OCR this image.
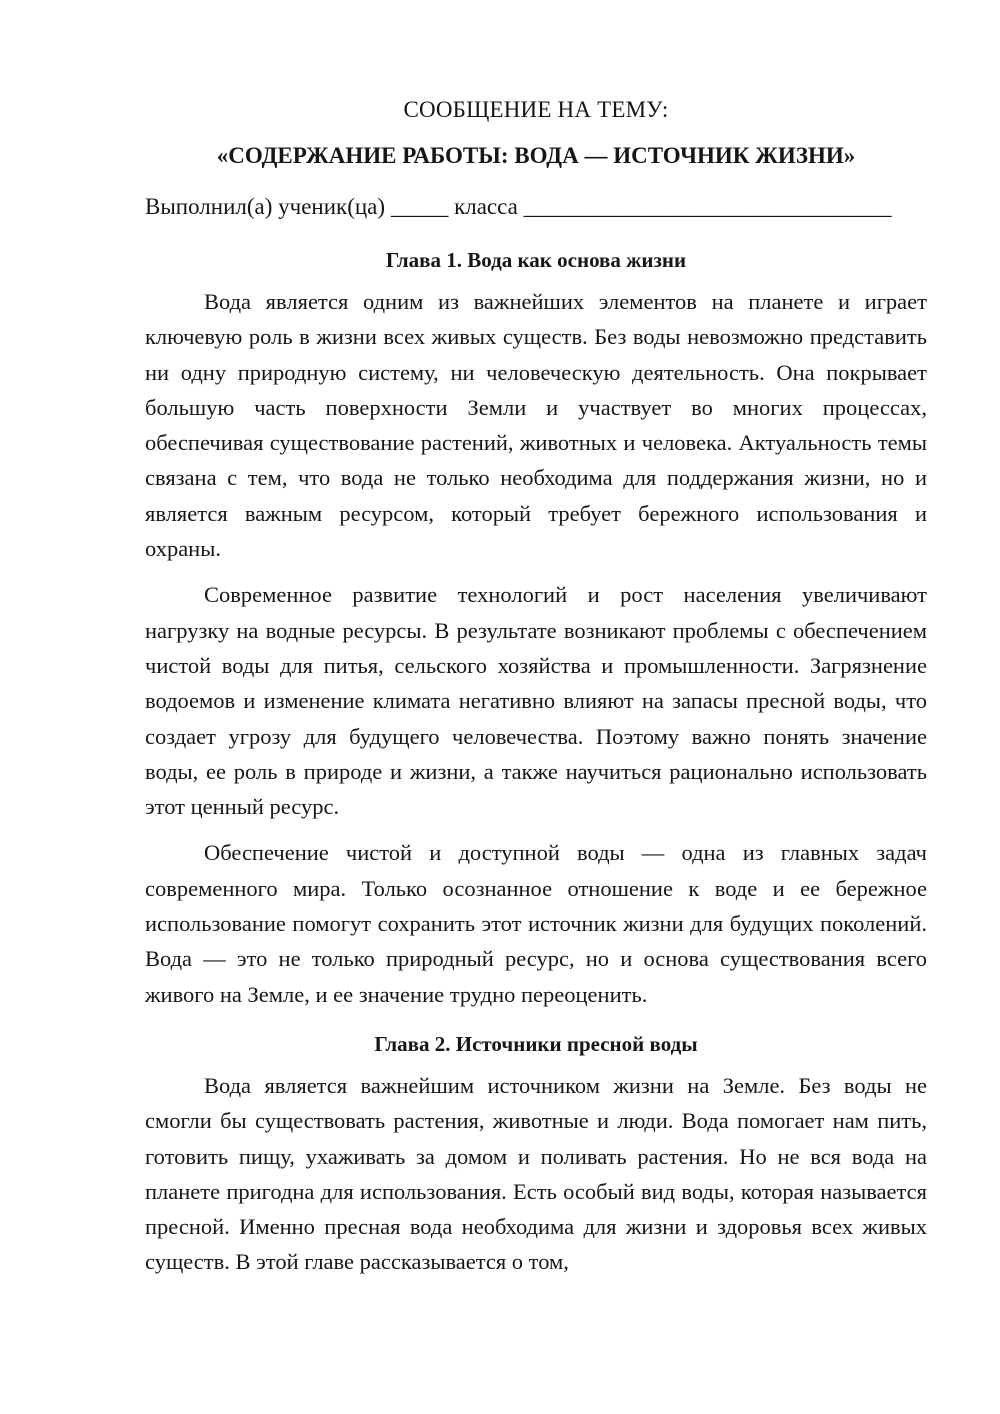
СООБЩЕНИЕ НА ТЕМУ:
«СОДЕРЖАНИЕ РАБОТЫ: ВОДА — ИСТОЧНИК ЖИЗНИ»
Выполнил(а) ученик(ца) _____ класса ________________________________
Глава 1. Вода как основа жизни

Вода является одним из важнейших элементов на планете и играет ключевую роль в жизни всех живых существ. Без воды невозможно представить ни одну природную систему, ни человеческую деятельность. Она покрывает большую часть поверхности Земли и участвует во многих процессах, обеспечивая существование растений, животных и человека. Актуальность темы связана с тем, что вода не только необходима для поддержания жизни, но и является важным ресурсом, который требует бережного использования и охраны.

Современное развитие технологий и рост населения увеличивают нагрузку на водные ресурсы. В результате возникают проблемы с обеспечением чистой воды для питья, сельского хозяйства и промышленности. Загрязнение водоемов и изменение климата негативно влияют на запасы пресной воды, что создает угрозу для будущего человечества. Поэтому важно понять значение воды, ее роль в природе и жизни, а также научиться рационально использовать этот ценный ресурс.

Обеспечение чистой и доступной воды — одна из главных задач современного мира. Только осознанное отношение к воде и ее бережное использование помогут сохранить этот источник жизни для будущих поколений. Вода — это не только природный ресурс, но и основа существования всего живого на Земле, и ее значение трудно переоценить.

Глава 2. Источники пресной воды

Вода является важнейшим источником жизни на Земле. Без воды не смогли бы существовать растения, животные и люди. Вода помогает нам пить, готовить пищу, ухаживать за домом и поливать растения. Но не вся вода на планете пригодна для использования. Есть особый вид воды, которая называется пресной. Именно пресная вода необходима для жизни и здоровья всех живых существ. В этой главе рассказывается о том,
